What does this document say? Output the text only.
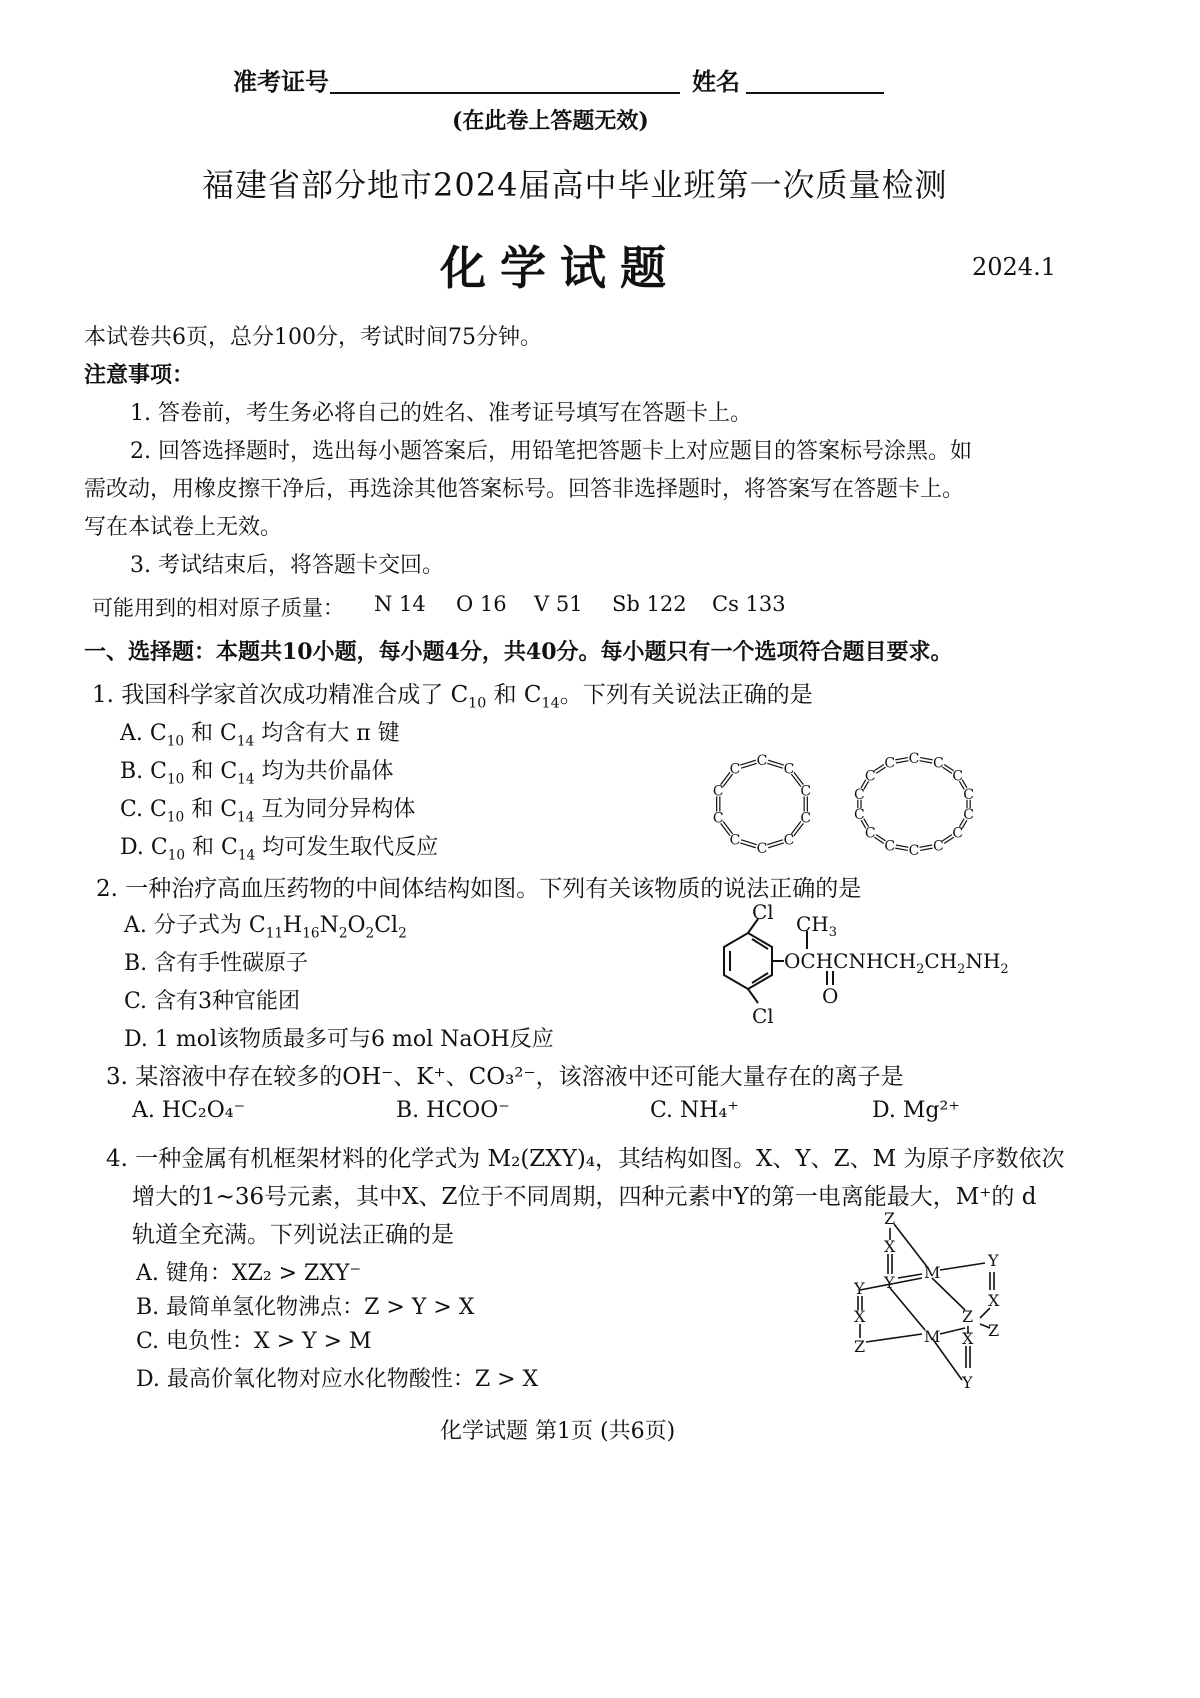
准考证号	姓名
(在此卷上答题无效)
福建省部分地市2024届高中毕业班第一次质量检测
化学试题	2024.1
本试卷共6页，总分100分，考试时间75分钟。
注意事项：
1. 答卷前，考生务必将自己的姓名、准考证号填写在答题卡上。
2. 回答选择题时，选出每小题答案后，用铅笔把答题卡上对应题目的答案标号涂黑。如
需改动，用橡皮擦干净后，再选涂其他答案标号。回答非选择题时，将答案写在答题卡上。
写在本试卷上无效。
3. 考试结束后，将答题卡交回。
可能用到的相对原子质量： N 14 O 16 V 51 Sb 122 Cs 133
一、选择题：本题共10小题，每小题4分，共40分。每小题只有一个选项符合题目要求。
1. 我国科学家首次成功精准合成了 $C_{10}$ 和 $C_{14}$。下列有关说法正确的是
A. $C_{10}$ 和 $C_{14}$ 均含有大 π 键
B. $C_{10}$ 和 $C_{14}$ 均为共价晶体
C. $C_{10}$ 和 $C_{14}$ 互为同分异构体
D. $C_{10}$ 和 $C_{14}$ 均可发生取代反应
C
C
C
C
C
C
C
C
C
C
C C
C
C
C
C
C
C
C
C
C
C
C
C
2. 一种治疗高血压药物的中间体结构如图。下列有关该物质的说法正确的是
A. 分子式为 $C_{11}H_{16}N_2O_2Cl_2$
B. 含有手性碳原子
C. 含有3种官能团
D. 1 mol该物质最多可与6 mol NaOH反应
Cl
Cl
$CH_3$
$OCHCNHCH_2CH_2NH_2$
O
3. 某溶液中存在较多的OH⁻、K⁺、CO₃²⁻，该溶液中还可能大量存在的离子是
A. HC₂O₄⁻	B. HCOO⁻	C. NH₄⁺	D. Mg²⁺
4. 一种金属有机框架材料的化学式为 M₂(ZXY)₄，其结构如图。X、Y、Z、M 为原子序数依次
增大的1~36号元素，其中X、Z位于不同周期，四种元素中Y的第一电离能最大，M⁺的 d
轨道全充满。下列说法正确的是
A. 键角：XZ₂ > ZXY⁻
B. 最简单氢化物沸点：Z > Y > X
C. 电负性：X > Y > M
D. 最高价氧化物对应水化物酸性：Z > X
Z
X
Y
M
Y
X
Y
X
Z
M
Z
Z
X
Y
化学试题 第1页 (共6页)
